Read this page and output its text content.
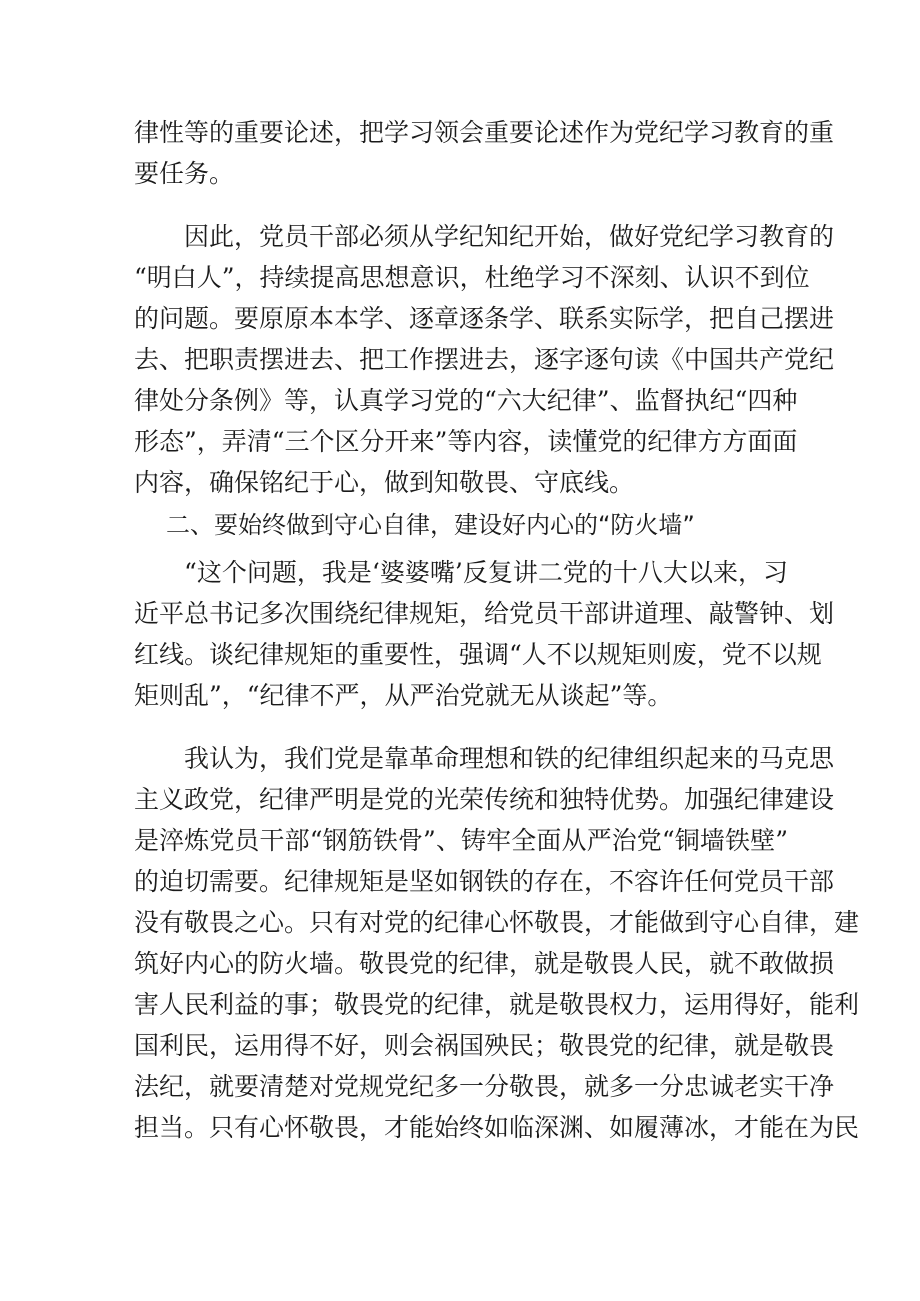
律性等的重要论述，把学习领会重要论述作为党纪学习教育的重
要任务。
　　因此，党员干部必须从学纪知纪开始，做好党纪学习教育的
“明白人”，持续提高思想意识，杜绝学习不深刻、认识不到位
的问题。要原原本本学、逐章逐条学、联系实际学，把自己摆进
去、把职责摆进去、把工作摆进去，逐字逐句读《中国共产党纪
律处分条例》等，认真学习党的“六大纪律”、监督执纪“四种
形态”，弄清“三个区分开来”等内容，读懂党的纪律方方面面
内容，确保铭纪于心，做到知敬畏、守底线。
二、要始终做到守心自律，建设好内心的“防火墙”
　　“这个问题，我是‘婆婆嘴’反复讲二党的十八大以来，习
近平总书记多次围绕纪律规矩，给党员干部讲道理、敲警钟、划
红线。谈纪律规矩的重要性，强调“人不以规矩则废，党不以规
矩则乱”，“纪律不严，从严治党就无从谈起”等。
　　我认为，我们党是靠革命理想和铁的纪律组织起来的马克思
主义政党，纪律严明是党的光荣传统和独特优势。加强纪律建设
是淬炼党员干部“钢筋铁骨”、铸牢全面从严治党“铜墙铁壁”
的迫切需要。纪律规矩是坚如钢铁的存在，不容许任何党员干部
没有敬畏之心。只有对党的纪律心怀敬畏，才能做到守心自律，建
筑好内心的防火墙。敬畏党的纪律，就是敬畏人民，就不敢做损
害人民利益的事；敬畏党的纪律，就是敬畏权力，运用得好，能利
国利民，运用得不好，则会祸国殃民；敬畏党的纪律，就是敬畏
法纪，就要清楚对党规党纪多一分敬畏，就多一分忠诚老实干净
担当。只有心怀敬畏，才能始终如临深渊、如履薄冰，才能在为民
